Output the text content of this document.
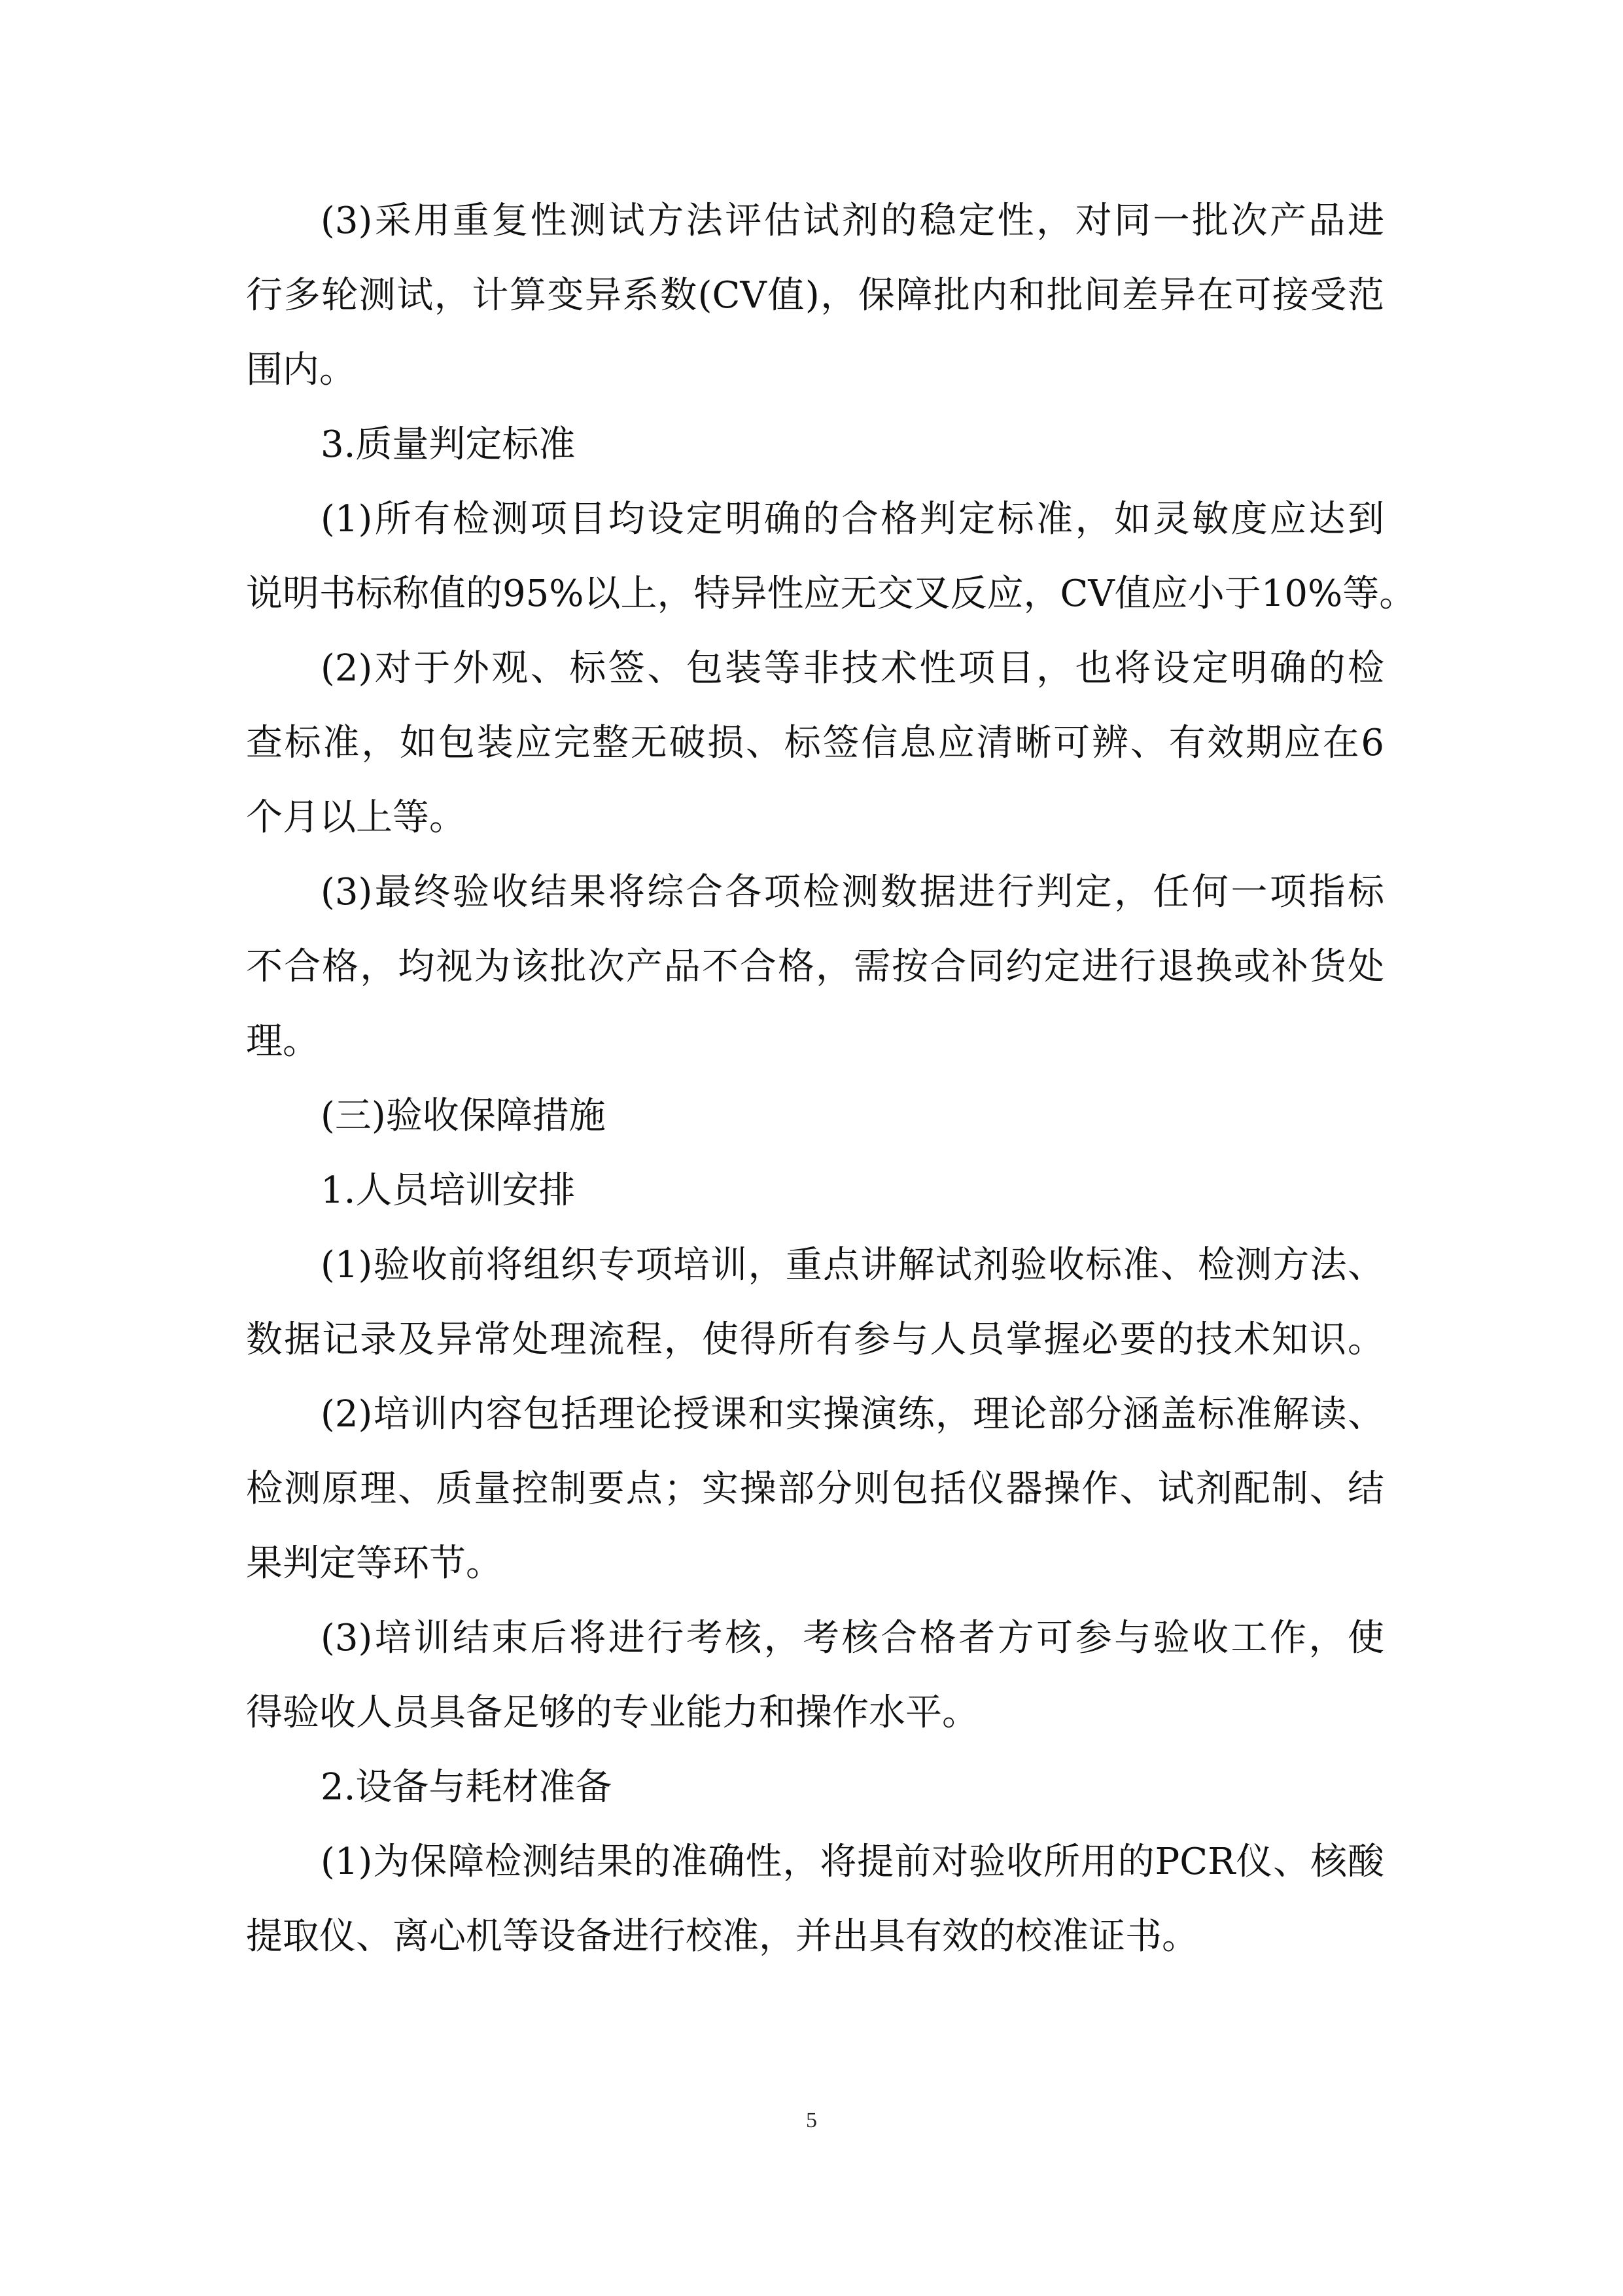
(3)采用重复性测试方法评估试剂的稳定性，对同一批次产品进
行多轮测试，计算变异系数(CV值)，保障批内和批间差异在可接受范
围内。
3.质量判定标准
(1)所有检测项目均设定明确的合格判定标准，如灵敏度应达到
说明书标称值的95%以上，特异性应无交叉反应，CV值应小于10%等。
(2)对于外观、标签、包装等非技术性项目，也将设定明确的检
查标准，如包装应完整无破损、标签信息应清晰可辨、有效期应在6
个月以上等。
(3)最终验收结果将综合各项检测数据进行判定，任何一项指标
不合格，均视为该批次产品不合格，需按合同约定进行退换或补货处
理。
(三)验收保障措施
1.人员培训安排
(1)验收前将组织专项培训，重点讲解试剂验收标准、检测方法、
数据记录及异常处理流程，使得所有参与人员掌握必要的技术知识。
(2)培训内容包括理论授课和实操演练，理论部分涵盖标准解读、
检测原理、质量控制要点；实操部分则包括仪器操作、试剂配制、结
果判定等环节。
(3)培训结束后将进行考核，考核合格者方可参与验收工作，使
得验收人员具备足够的专业能力和操作水平。
2.设备与耗材准备
(1)为保障检测结果的准确性，将提前对验收所用的PCR仪、核酸
提取仪、离心机等设备进行校准，并出具有效的校准证书。
5
